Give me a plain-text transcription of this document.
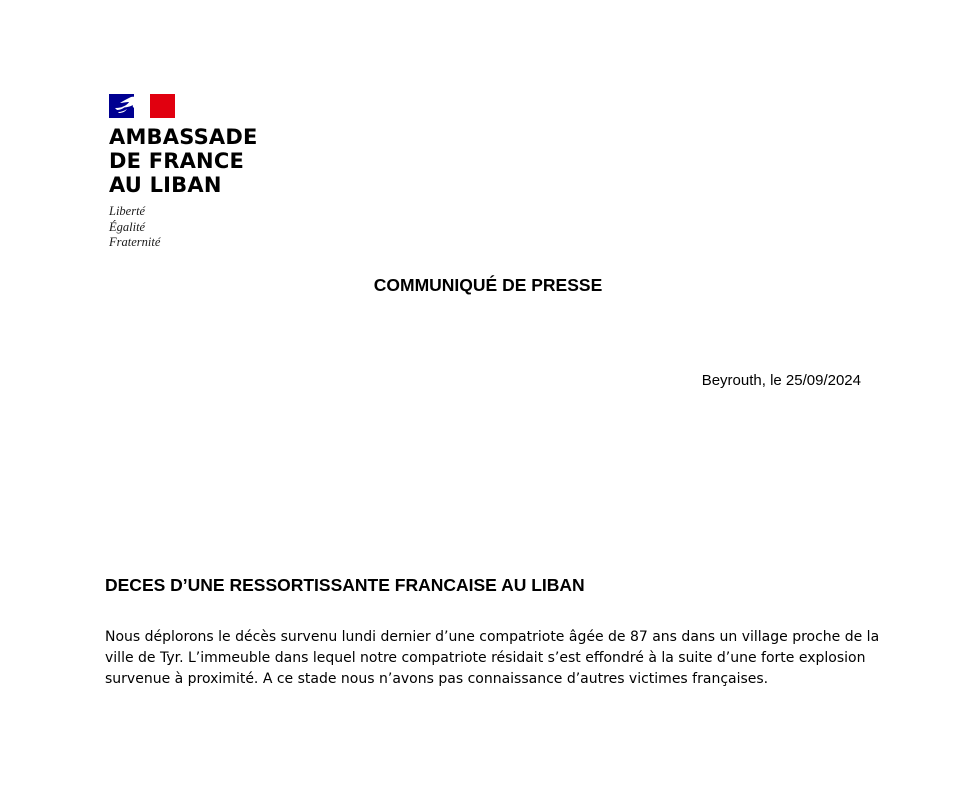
AMBASSADE
DE FRANCE
AU LIBAN
Liberté
Égalité
Fraternité
COMMUNIQUÉ DE PRESSE

Beyrouth, le 25/09/2024

DECES D’UNE RESSORTISSANTE FRANCAISE AU LIBAN

Nous déplorons le décès survenu lundi dernier d’une compatriote âgée de 87 ans dans un village proche de la
ville de Tyr. L’immeuble dans lequel notre compatriote résidait s’est effondré à la suite d’une forte explosion
survenue à proximité. A ce stade nous n’avons pas connaissance d’autres victimes françaises.
